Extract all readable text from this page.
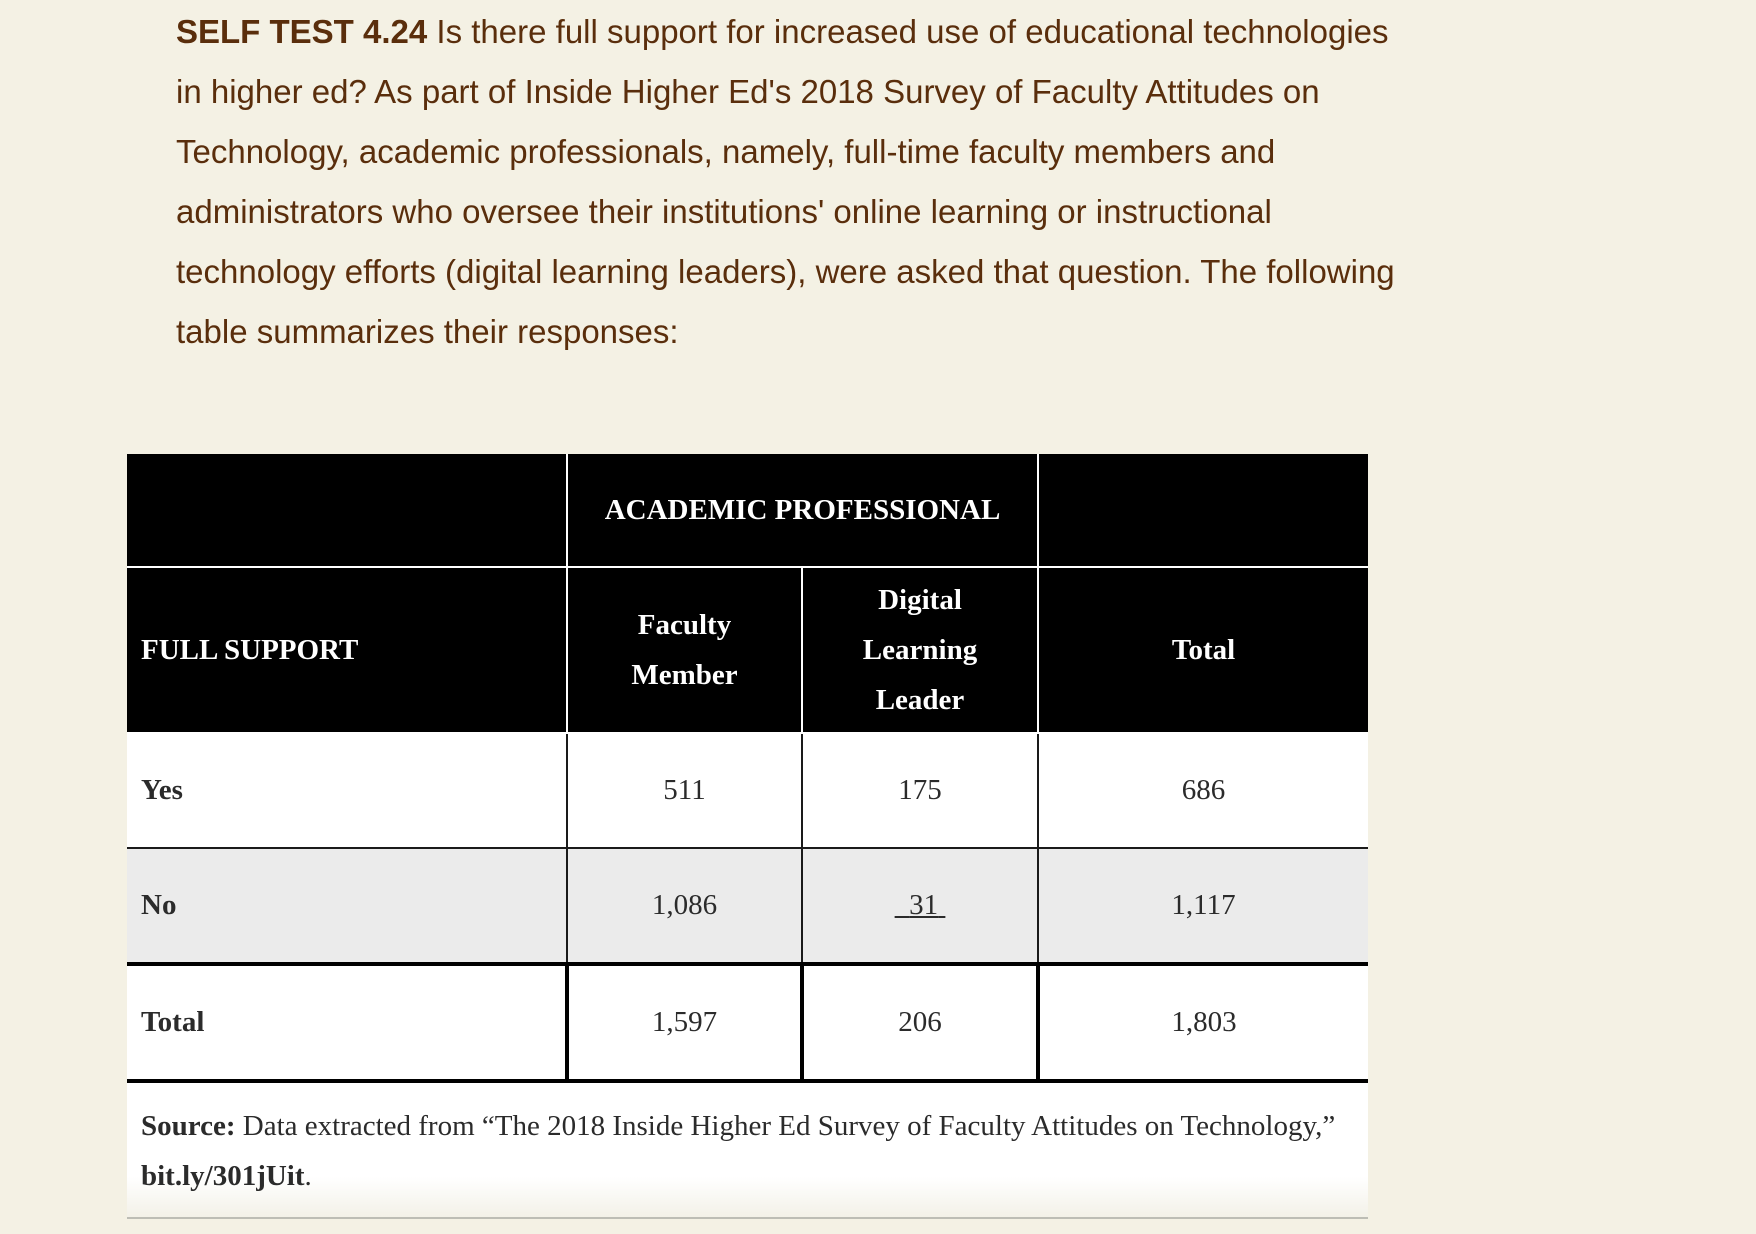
SELF TEST 4.24 Is there full support for increased use of educational technologies in higher ed? As part of Inside Higher Ed's 2018 Survey of Faculty Attitudes on Technology, academic professionals, namely, full-time faculty members and administrators who oversee their institutions' online learning or instructional technology efforts (digital learning leaders), were asked that question. The following table summarizes their responses:
	ACADEMIC PROFESSIONAL		
FULL SUPPORT	Faculty Member	Digital Learning Leader	Total
Yes	511	175	686
No	1,086	31	1,117
Total	1,597	206	1,803
Source: Data extracted from “The 2018 Inside Higher Ed Survey of Faculty Attitudes on Technology,” bit.ly/301jUit.
